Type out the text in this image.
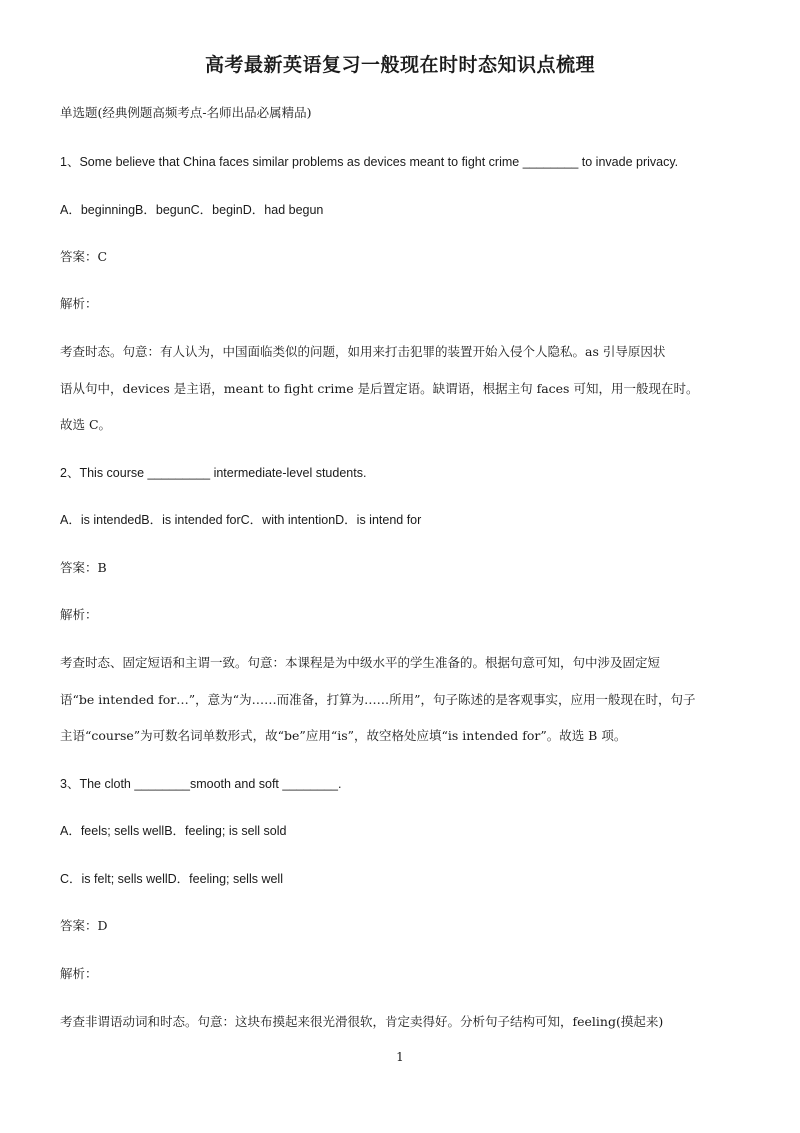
高考最新英语复习一般现在时时态知识点梳理
单选题(经典例题高频考点-名师出品必属精品)
1、Some believe that China faces similar problems as devices meant to fight crime ________ to invade privacy.
A．beginningB．begunC．beginD．had begun
答案：C
解析：
考查时态。句意：有人认为，中国面临类似的问题，如用来打击犯罪的装置开始入侵个人隐私。as 引导原因状
语从句中，devices 是主语，meant to fight crime 是后置定语。缺谓语，根据主句 faces 可知，用一般现在时。
故选 C。
2、This course _________ intermediate-level students.
A．is intendedB．is intended forC．with intentionD．is intend for
答案：B
解析：
考查时态、固定短语和主谓一致。句意：本课程是为中级水平的学生准备的。根据句意可知，句中涉及固定短
语“be intended for…”，意为“为……而准备，打算为……所用”，句子陈述的是客观事实，应用一般现在时，句子
主语“course”为可数名词单数形式，故“be”应用“is”，故空格处应填“is intended for”。故选 B 项。
3、The cloth ________smooth and soft ________.
A．feels; sells wellB．feeling; is sell sold
C．is felt; sells wellD．feeling; sells well
答案：D
解析：
考查非谓语动词和时态。句意：这块布摸起来很光滑很软，肯定卖得好。分析句子结构可知，feeling(摸起来)
1
